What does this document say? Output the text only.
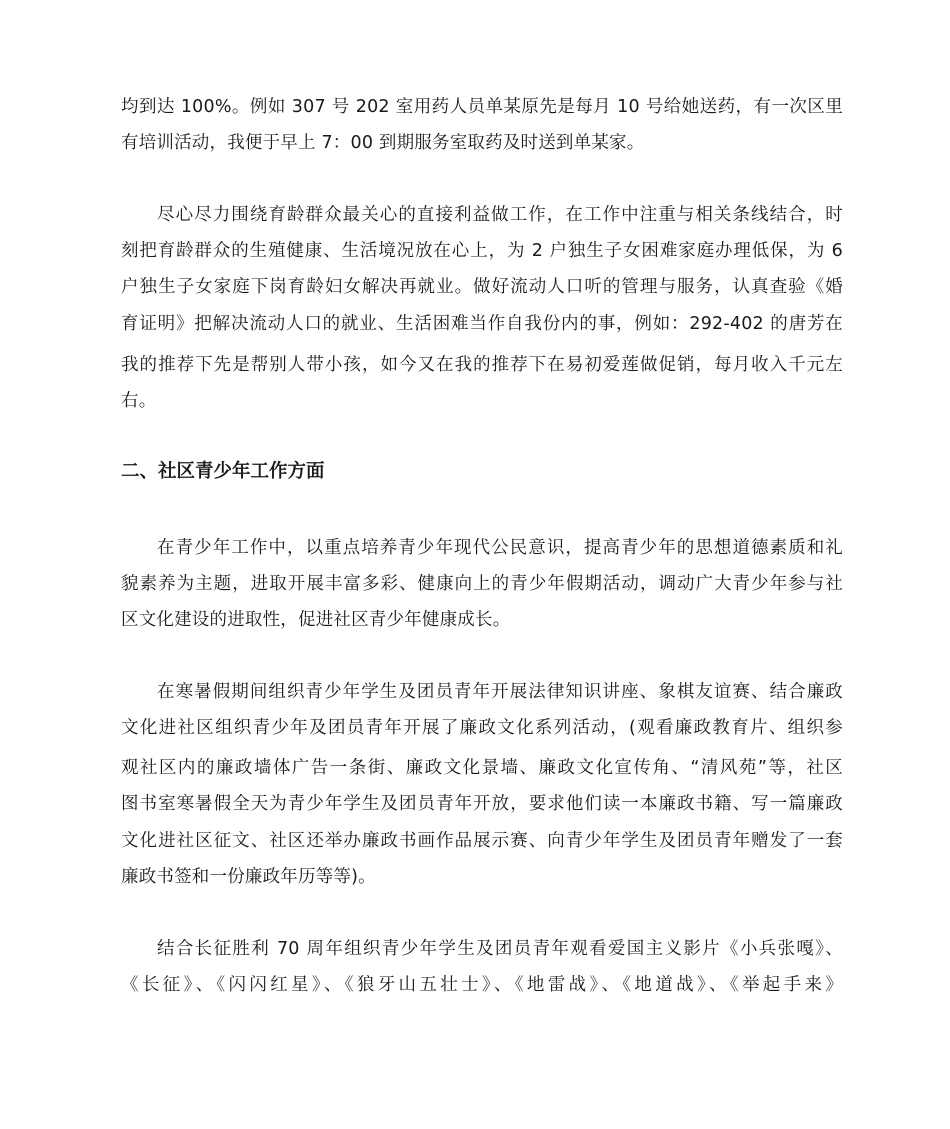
均到达 100%。例如 307 号 202 室用药人员单某原先是每月 10 号给她送药，有一次区里
有培训活动，我便于早上 7：00 到期服务室取药及时送到单某家。
尽心尽力围绕育龄群众最关心的直接利益做工作，在工作中注重与相关条线结合，时
刻把育龄群众的生殖健康、生活境况放在心上，为 2 户独生子女困难家庭办理低保，为 6
户独生子女家庭下岗育龄妇女解决再就业。做好流动人口听的管理与服务，认真查验《婚
育证明》把解决流动人口的就业、生活困难当作自我份内的事，例如：292-402 的唐芳在
我的推荐下先是帮别人带小孩，如今又在我的推荐下在易初爱莲做促销，每月收入千元左
右。
二、社区青少年工作方面
在青少年工作中，以重点培养青少年现代公民意识，提高青少年的思想道德素质和礼
貌素养为主题，进取开展丰富多彩、健康向上的青少年假期活动，调动广大青少年参与社
区文化建设的进取性，促进社区青少年健康成长。
在寒暑假期间组织青少年学生及团员青年开展法律知识讲座、象棋友谊赛、结合廉政
文化进社区组织青少年及团员青年开展了廉政文化系列活动，(观看廉政教育片、组织参
观社区内的廉政墙体广告一条街、廉政文化景墙、廉政文化宣传角、“清风苑”等，社区
图书室寒暑假全天为青少年学生及团员青年开放，要求他们读一本廉政书籍、写一篇廉政
文化进社区征文、社区还举办廉政书画作品展示赛、向青少年学生及团员青年赠发了一套
廉政书签和一份廉政年历等等)。
结合长征胜利 70 周年组织青少年学生及团员青年观看爱国主义影片《小兵张嘎》、
《长征》、《闪闪红星》、《狼牙山五壮士》、《地雷战》、《地道战》、《举起手来》
